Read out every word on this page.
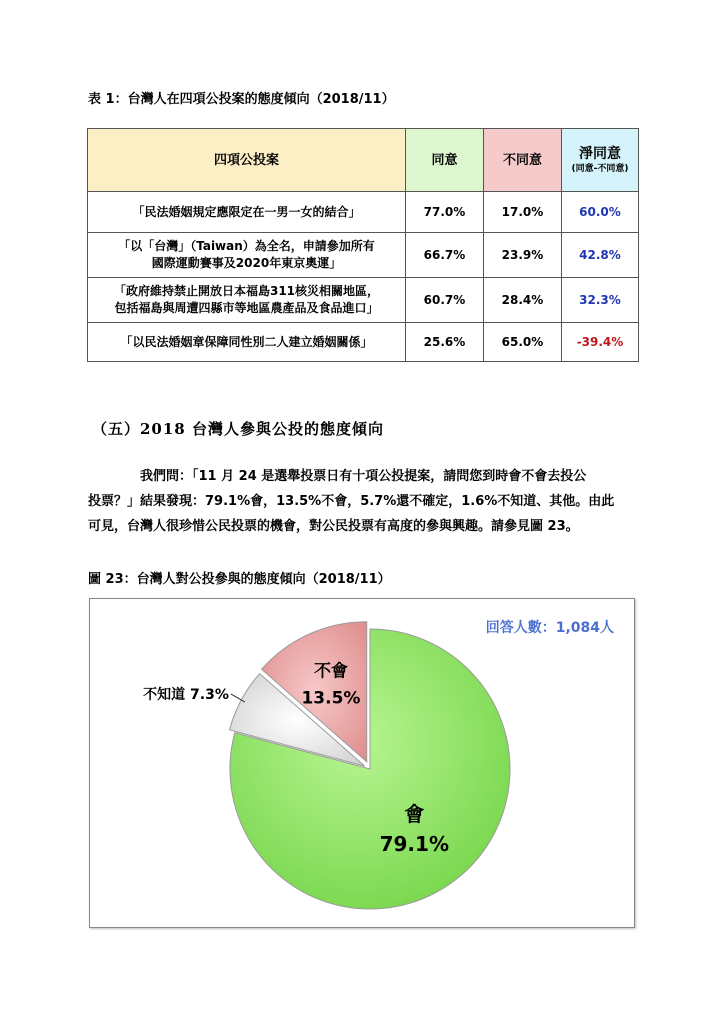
表 1：台灣人在四項公投案的態度傾向（2018/11）
四項公投案	同意	不同意	淨同意
(同意-不同意)

「民法婚姻規定應限定在一男一女的結合」	77.0%	17.0%	60.0%

「以「台灣」（Taiwan）為全名，申請參加所有
國際運動賽事及2020年東京奧運」	66.7%	23.9%	42.8%

「政府維持禁止開放日本福島311核災相關地區，
包括福島與周遭四縣市等地區農產品及食品進口」	60.7%	28.4%	32.3%

「以民法婚姻章保障同性別二人建立婚姻關係」	25.6%	65.0%	-39.4%
（五）2018 台灣人參與公投的態度傾向

我們問：「11 月 24 是選舉投票日有十項公投提案，請問您到時會不會去投公
投票？」結果發現：79.1%會，13.5%不會，5.7%還不確定，1.6%不知道、其他。由此
可見，台灣人很珍惜公民投票的機會，對公民投票有高度的參與興趣。請參見圖 23。

圖 23：台灣人對公投參與的態度傾向（2018/11）
會
79.1%
不知道 7.3%
不會
13.5%
回答人數：1,084人
